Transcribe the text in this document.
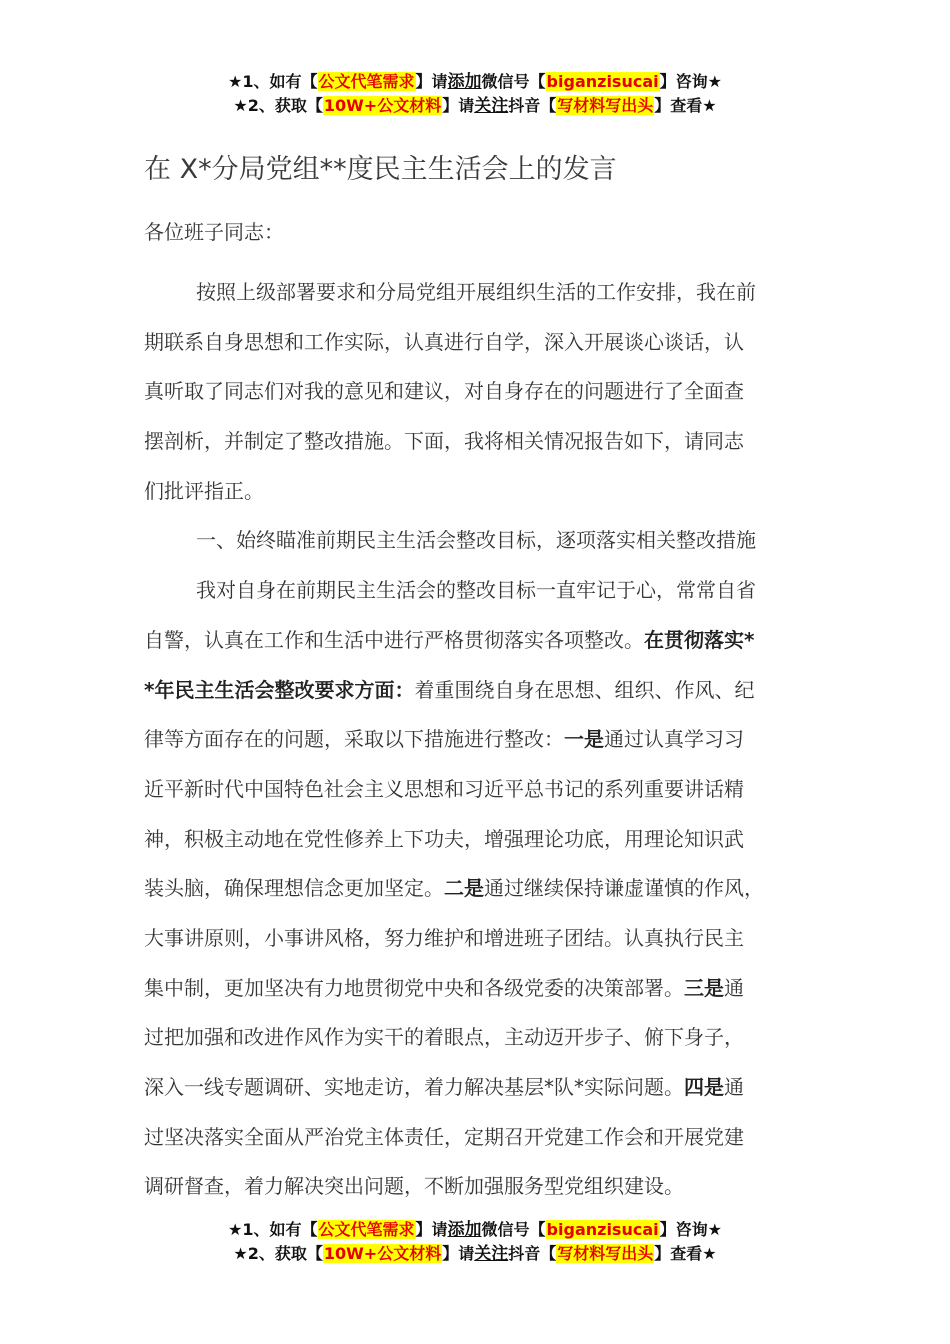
★1、如有【公文代笔需求】请添加微信号【biganzisucai】咨询★
★2、获取【10W+公文材料】请关注抖音【写材料写出头】查看★
在 X*分局党组**度民主生活会上的发言
各位班子同志：
按照上级部署要求和分局党组开展组织生活的工作安排，我在前
期联系自身思想和工作实际，认真进行自学，深入开展谈心谈话，认
真听取了同志们对我的意见和建议，对自身存在的问题进行了全面查
摆剖析，并制定了整改措施。下面，我将相关情况报告如下，请同志
们批评指正。
一、始终瞄准前期民主生活会整改目标，逐项落实相关整改措施
我对自身在前期民主生活会的整改目标一直牢记于心，常常自省
自警，认真在工作和生活中进行严格贯彻落实各项整改。在贯彻落实*
*年民主生活会整改要求方面：着重围绕自身在思想、组织、作风、纪
律等方面存在的问题，采取以下措施进行整改：一是通过认真学习习
近平新时代中国特色社会主义思想和习近平总书记的系列重要讲话精
神，积极主动地在党性修养上下功夫，增强理论功底，用理论知识武
装头脑，确保理想信念更加坚定。二是通过继续保持谦虚谨慎的作风，
大事讲原则，小事讲风格，努力维护和增进班子团结。认真执行民主
集中制，更加坚决有力地贯彻党中央和各级党委的决策部署。三是通
过把加强和改进作风作为实干的着眼点，主动迈开步子、俯下身子，
深入一线专题调研、实地走访，着力解决基层*队*实际问题。四是通
过坚决落实全面从严治党主体责任，定期召开党建工作会和开展党建
调研督查，着力解决突出问题，不断加强服务型党组织建设。
★1、如有【公文代笔需求】请添加微信号【biganzisucai】咨询★
★2、获取【10W+公文材料】请关注抖音【写材料写出头】查看★
